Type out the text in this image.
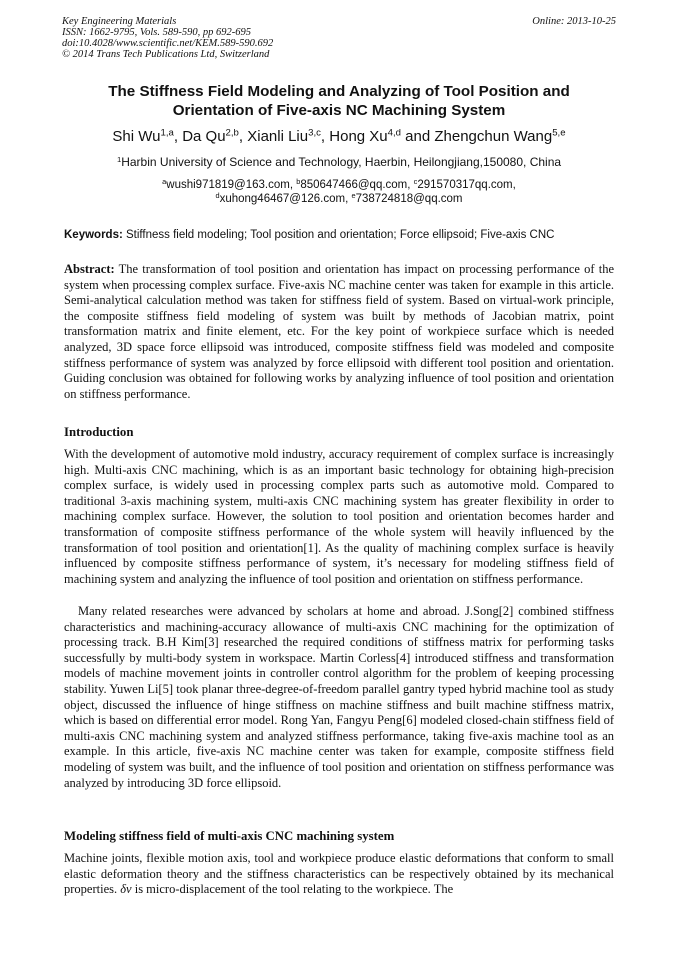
Key Engineering Materials
ISSN: 1662-9795, Vols. 589-590, pp 692-695
doi:10.4028/www.scientific.net/KEM.589-590.692
© 2014 Trans Tech Publications Ltd, Switzerland
Online: 2013-10-25
The Stiffness Field Modeling and Analyzing of Tool Position and
Orientation of Five-axis NC Machining System
Shi Wu$^{1,a}$, Da Qu$^{2,b}$, Xianli Liu$^{3,c}$, Hong Xu$^{4,d}$ and Zhengchun Wang$^{5,e}$
$^1$Harbin University of Science and Technology, Haerbin, Heilongjiang,150080, China
$^a$wushi971819@163.com, $^b$850647466@qq.com, $^c$291570317qq.com,
$^d$xuhong46467@126.com, $^e$738724818@qq.com
Keywords: Stiffness field modeling; Tool position and orientation; Force ellipsoid; Five-axis CNC
Abstract: The transformation of tool position and orientation has impact on processing performance of the system when processing complex surface. Five-axis NC machine center was taken for example in this article. Semi-analytical calculation method was taken for stiffness field of system. Based on virtual-work principle, the composite stiffness field modeling of system was built by methods of Jacobian matrix, point transformation matrix and finite element, etc. For the key point of workpiece surface which is needed analyzed, 3D space force ellipsoid was introduced, composite stiffness field was modeled and composite stiffness performance of system was analyzed by force ellipsoid with different tool position and orientation. Guiding conclusion was obtained for following works by analyzing influence of tool position and orientation on stiffness performance.
Introduction
With the development of automotive mold industry, accuracy requirement of complex surface is increasingly high. Multi-axis CNC machining, which is as an important basic technology for obtaining high-precision complex surface, is widely used in processing complex parts such as automotive mold. Compared to traditional 3-axis machining system, multi-axis CNC machining system has greater flexibility in order to machining complex surface. However, the solution to tool position and orientation becomes harder and transformation of composite stiffness performance of the whole system will heavily influenced by the transformation of tool position and orientation[1]. As the quality of machining complex surface is heavily influenced by composite stiffness performance of system, it’s necessary for modeling stiffness field of machining system and analyzing the influence of tool position and orientation on stiffness performance.
Many related researches were advanced by scholars at home and abroad. J.Song[2] combined stiffness characteristics and machining-accuracy allowance of multi-axis CNC machining for the optimization of processing track. B.H Kim[3] researched the required conditions of stiffness matrix for performing tasks successfully by multi-body system in workspace. Martin Corless[4] introduced stiffness and transformation models of machine movement joints in controller control algorithm for the problem of keeping processing stability. Yuwen Li[5] took planar three-degree-of-freedom parallel gantry typed hybrid machine tool as study object, discussed the influence of hinge stiffness on machine stiffness and built machine stiffness matrix, which is based on differential error model. Rong Yan, Fangyu Peng[6] modeled closed-chain stiffness field of multi-axis CNC machining system and analyzed stiffness performance, taking five-axis machine tool as an example. In this article, five-axis NC machine center was taken for example, composite stiffness field modeling of system was built, and the influence of tool position and orientation on stiffness performance was analyzed by introducing 3D force ellipsoid.
Modeling stiffness field of multi-axis CNC machining system
Machine joints, flexible motion axis, tool and workpiece produce elastic deformations that conform to small elastic deformation theory and the stiffness characteristics can be respectively obtained by its mechanical properties. δv is micro-displacement of the tool relating to the workpiece. The
